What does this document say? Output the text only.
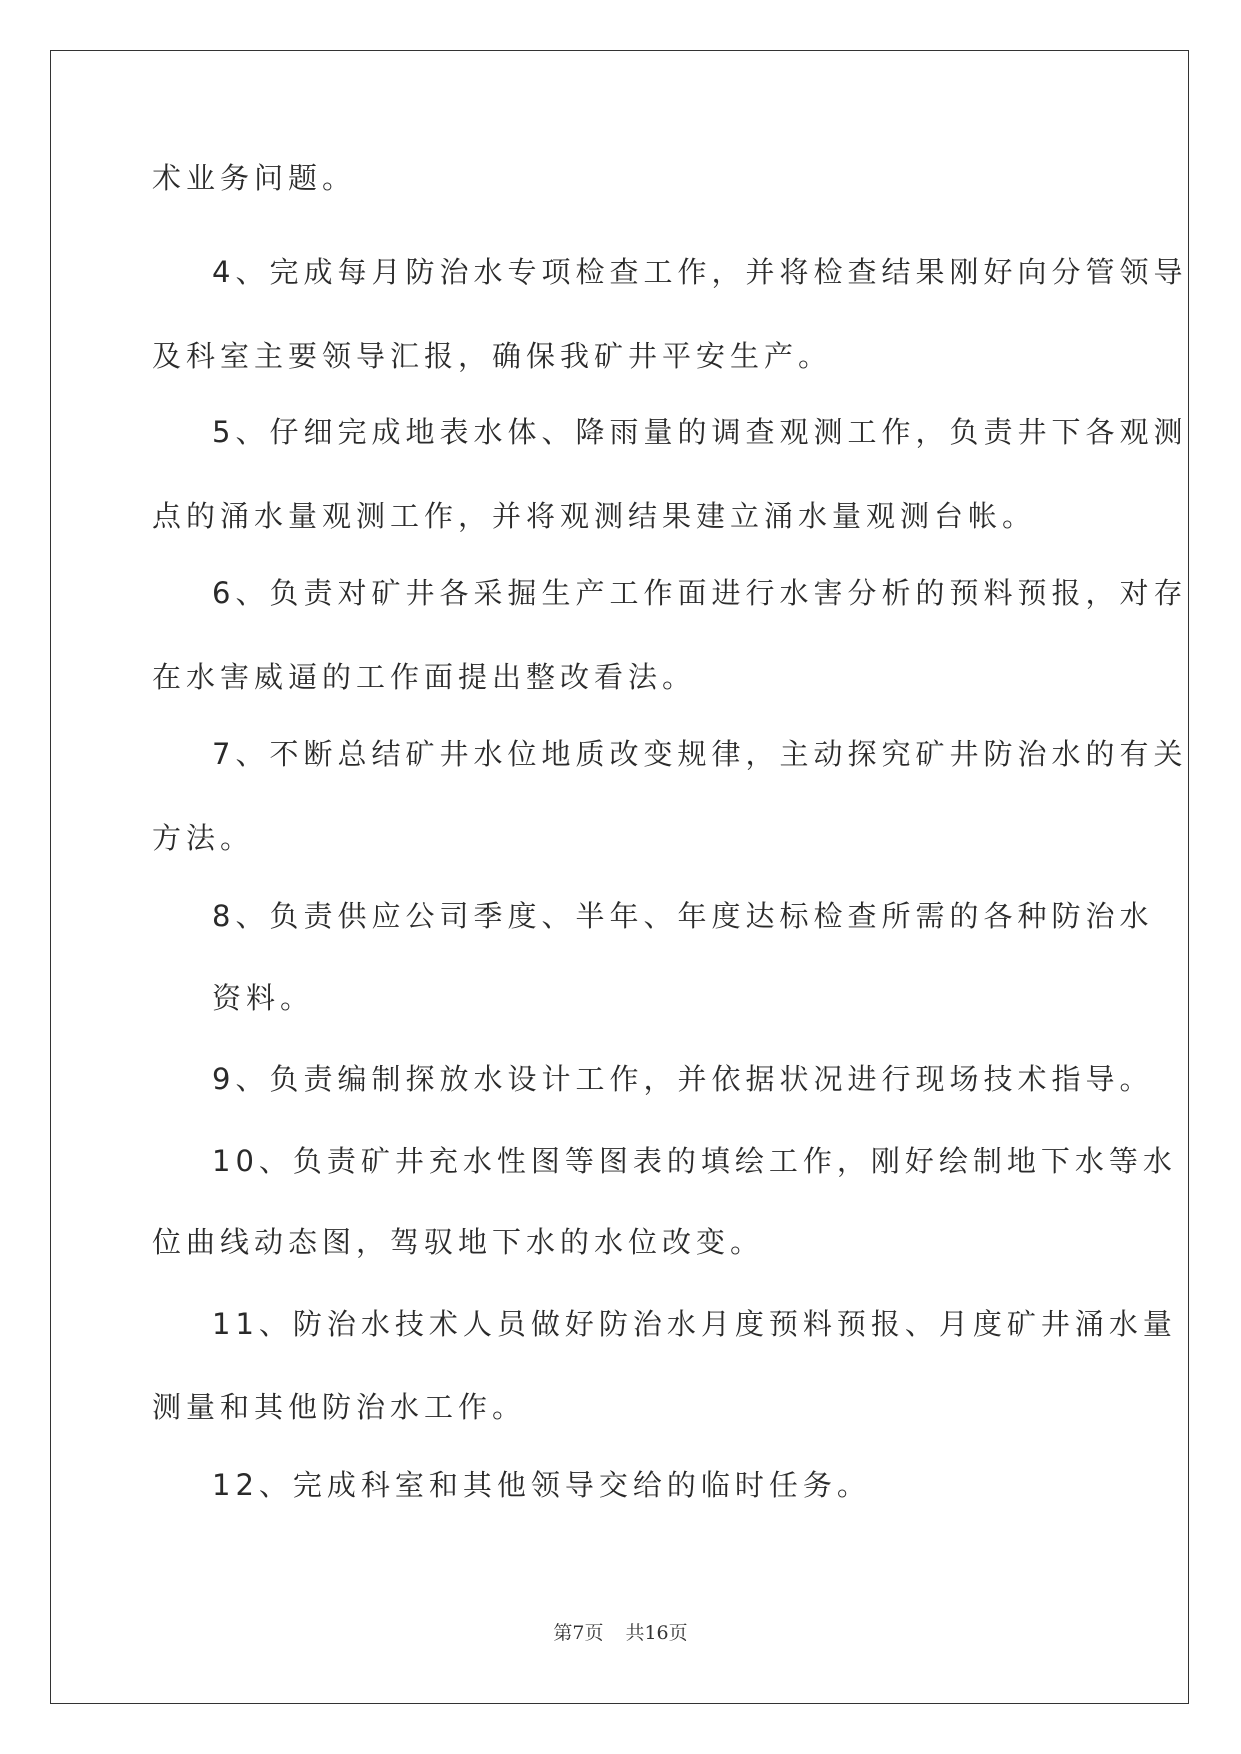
术业务问题。

4、完成每月防治水专项检查工作，并将检查结果刚好向分管领导

及科室主要领导汇报，确保我矿井平安生产。

5、仔细完成地表水体、降雨量的调查观测工作，负责井下各观测

点的涌水量观测工作，并将观测结果建立涌水量观测台帐。

6、负责对矿井各采掘生产工作面进行水害分析的预料预报，对存

在水害威逼的工作面提出整改看法。

7、不断总结矿井水位地质改变规律，主动探究矿井防治水的有关

方法。

8、负责供应公司季度、半年、年度达标检查所需的各种防治水

资料。

9、负责编制探放水设计工作，并依据状况进行现场技术指导。

10、负责矿井充水性图等图表的填绘工作，刚好绘制地下水等水

位曲线动态图，驾驭地下水的水位改变。

11、防治水技术人员做好防治水月度预料预报、月度矿井涌水量

测量和其他防治水工作。

12、完成科室和其他领导交给的临时任务。

第7页 共16页
